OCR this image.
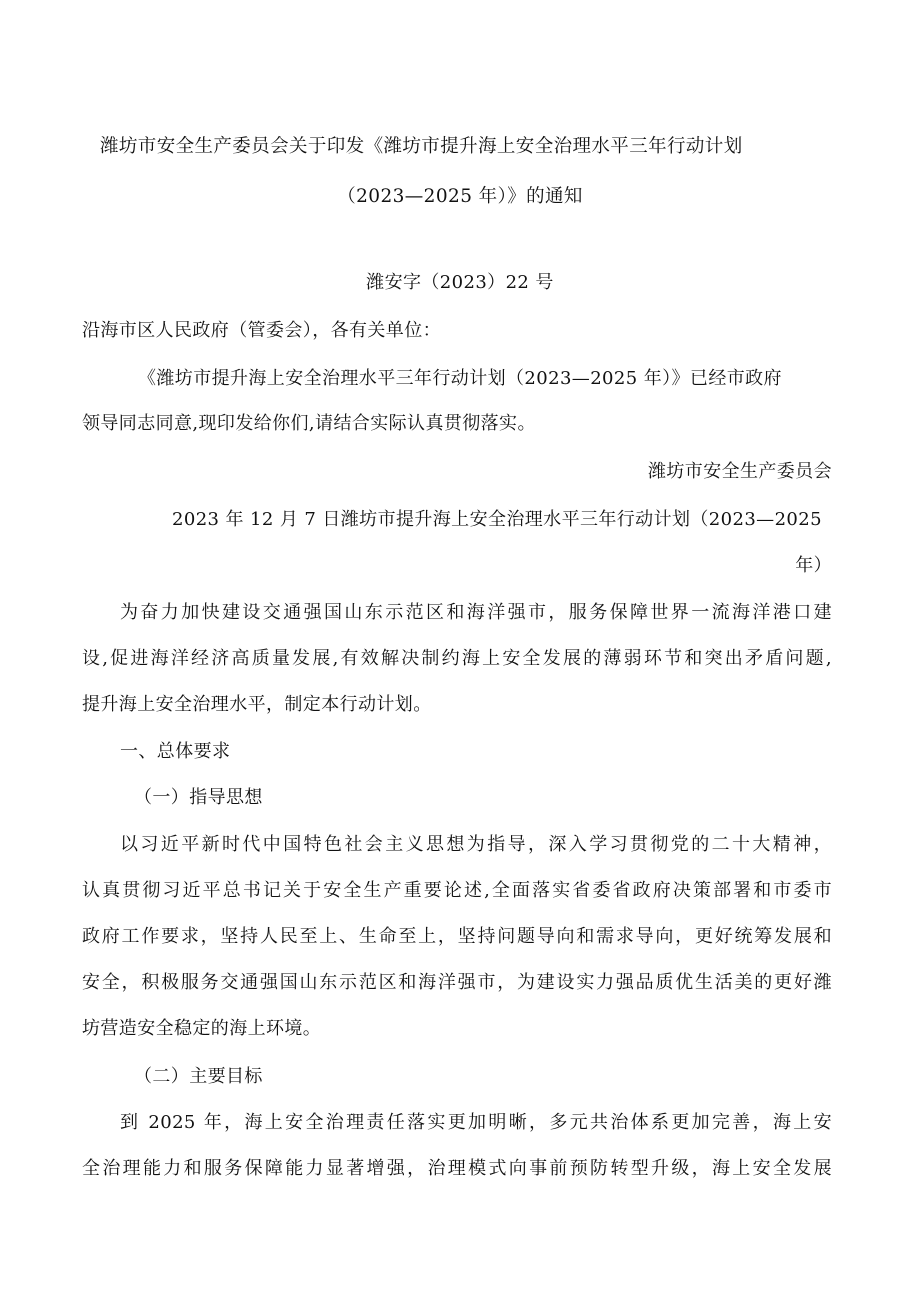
潍坊市安全生产委员会关于印发《潍坊市提升海上安全治理水平三年行动计划
（2023—2025 年）》的通知
潍安字（2023）22 号
沿海市区人民政府（管委会），各有关单位：
《潍坊市提升海上安全治理水平三年行动计划（2023—2025 年）》已经市政府
领导同志同意,现印发给你们,请结合实际认真贯彻落实。
潍坊市安全生产委员会
2023 年 12 月 7 日潍坊市提升海上安全治理水平三年行动计划（2023—2025
年）
为奋力加快建设交通强国山东示范区和海洋强市，服务保障世界一流海洋港口建
设,促进海洋经济高质量发展,有效解决制约海上安全发展的薄弱环节和突出矛盾问题,
提升海上安全治理水平，制定本行动计划。
一、总体要求
（一）指导思想
以习近平新时代中国特色社会主义思想为指导，深入学习贯彻党的二十大精神，
认真贯彻习近平总书记关于安全生产重要论述,全面落实省委省政府决策部署和市委市
政府工作要求，坚持人民至上、生命至上，坚持问题导向和需求导向，更好统筹发展和
安全，积极服务交通强国山东示范区和海洋强市，为建设实力强品质优生活美的更好潍
坊营造安全稳定的海上环境。
（二）主要目标
到 2025 年，海上安全治理责任落实更加明晰，多元共治体系更加完善，海上安
全治理能力和服务保障能力显著增强，治理模式向事前预防转型升级，海上安全发展
